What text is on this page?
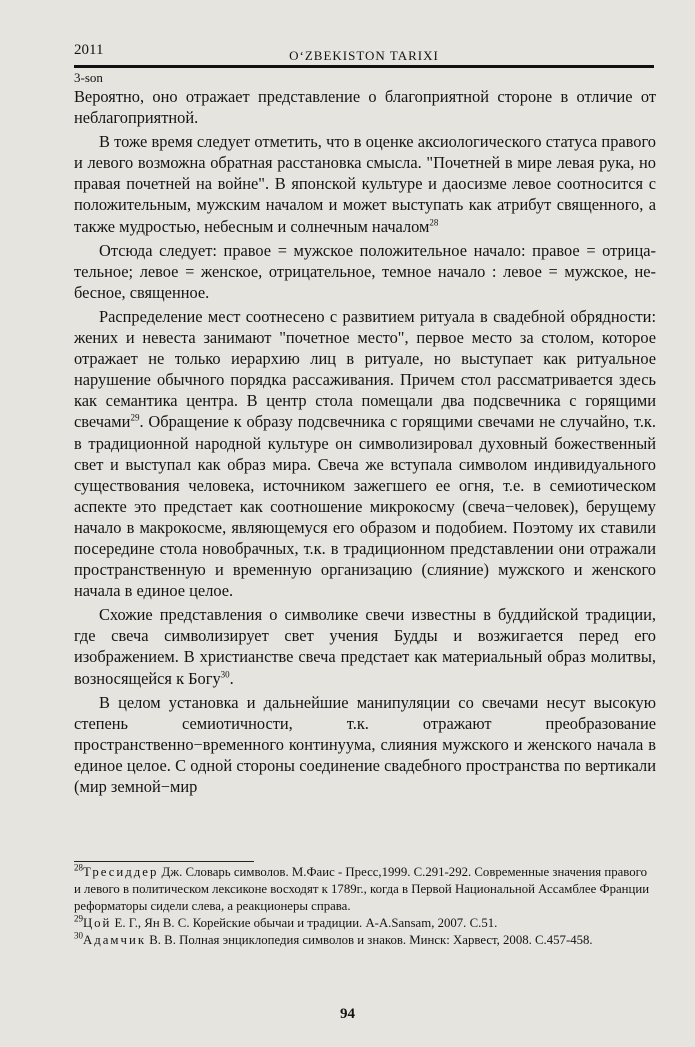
2011	O‘ZBEKISTON TARIXI
3-son

Вероятно, оно отражает представление о благоприятной стороне в отличие от неблагоприятной.

В тоже время следует отметить, что в оценке аксиологического статуса правого и левого возможна обратная расстановка смысла. "Почетней в мире левая рука, но правая почетней на войне". В японской культуре и даосизме левое соотносится с положительным, мужским началом и может выступать как атрибут священного, а также мудростью, небесным и солнечным началом$^{28}$

Отсюда следует: правое = мужское положительное начало: правое = отрица-тельное; левое = женское, отрицательное, темное начало : левое = мужское, не-бесное, священное.

Распределение мест соотнесено с развитием ритуала в свадебной обрядности: жених и невеста занимают "почетное место", первое место за столом, которое отражает не только иерархию лиц в ритуале, но выступает как ритуальное нарушение обычного порядка рассаживания. Причем стол рассматривается здесь как семантика центра. В центр стола помещали два подсвечника с горящими свечами$^{29}$. Обращение к образу подсвечника с горящими свечами не случайно, т.к. в традиционной народной культуре он символизировал духовный божественный свет и выступал как образ мира. Свеча же вступала символом индивидуального существования человека, источником зажегшего ее огня, т.е. в семиотическом аспекте это предстает как соотношение микрокосму (свеча−человек), берущему начало в макрокосме, являющемуся его образом и подобием. Поэтому их ставили посередине стола новобрачных, т.к. в традиционном представлении они отражали пространственную и временную организацию (слияние) мужского и женского начала в единое целое.

Схожие представления о символике свечи известны в буддийской традиции, где свеча символизирует свет учения Будды и возжигается перед его изображением. В христианстве свеча предстает как материальный образ молитвы, возносящейся к Богу$^{30}$.

В целом установка и дальнейшие манипуляции со свечами несут высокую степень семиотичности, т.к. отражают преобразование пространственно−временного континуума, слияния мужского и женского начала в единое целое. С одной стороны соединение свадебного пространства по вертикали (мир земной−мир

$^{28}$Тресиддер Дж. Словарь символов. М.Фаис - Пресс,1999. С.291-292. Современные значения правого и левого в политическом лексиконе восходят к 1789г., когда в Первой Национальной Ассамблее Франции реформаторы сидели слева, а реакционеры справа.

$^{29}$Цой Е. Г., Ян В. С. Корейские обычаи и традиции. А-А.Sansam, 2007. С.51.

$^{30}$Адамчик В. В. Полная энциклопедия символов и знаков. Минск: Харвест, 2008. С.457-458.

94
